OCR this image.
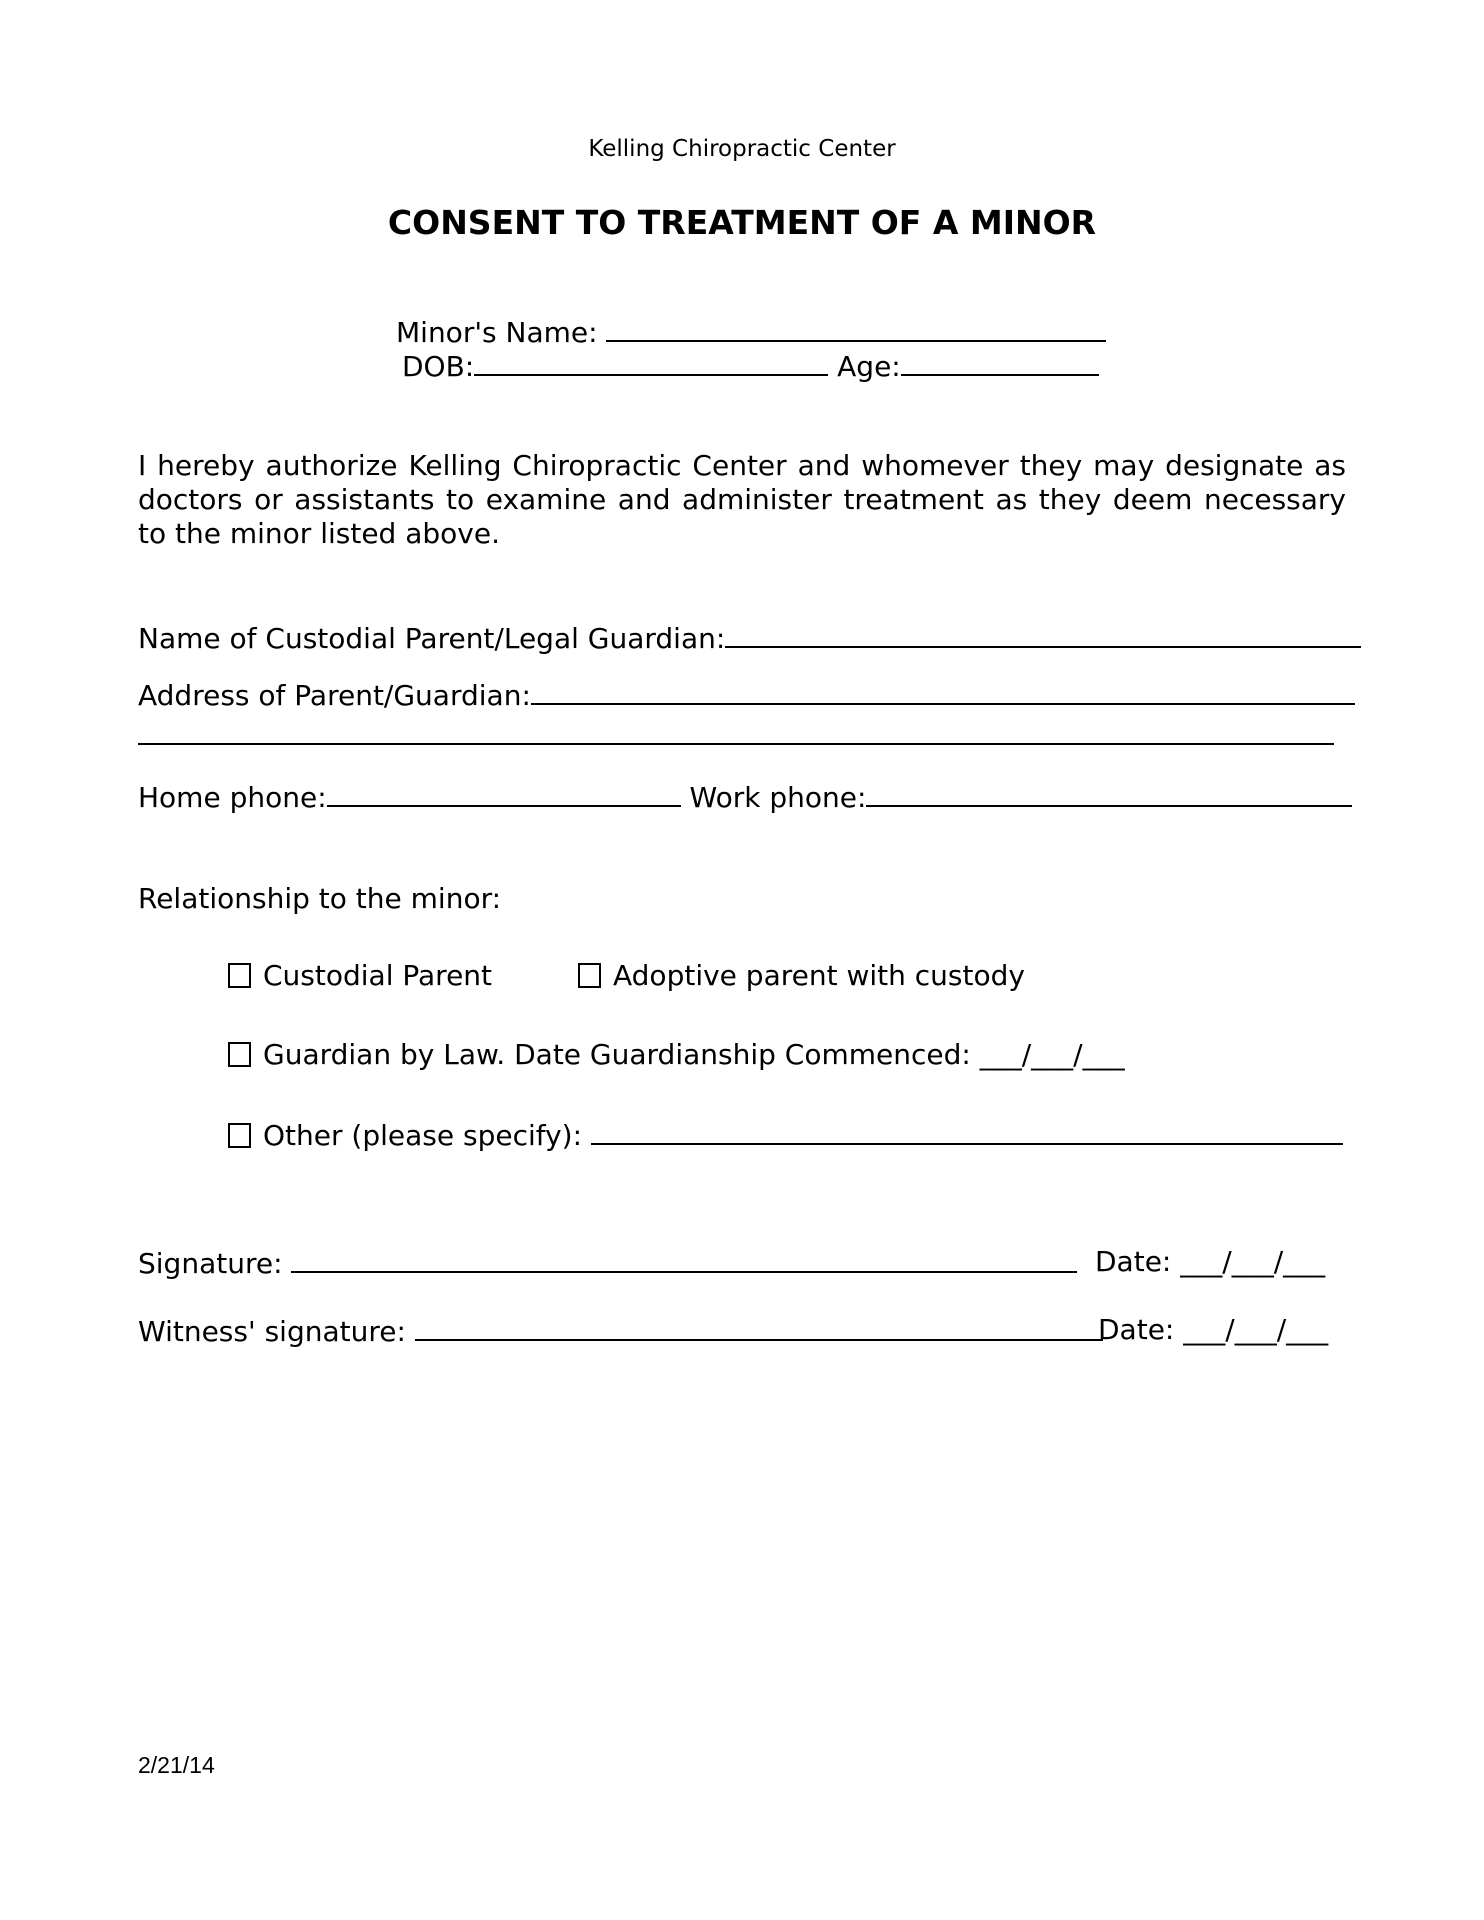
Kelling Chiropractic Center
CONSENT TO TREATMENT OF A MINOR
Minor's Name:
DOB:	Age:
I hereby authorize Kelling Chiropractic Center and whomever they may designate as doctors or assistants to examine and administer treatment as they deem necessary to the minor listed above.
Name of Custodial Parent/Legal Guardian:
Address of Parent/Guardian:
Home phone:	Work phone:
Relationship to the minor:
Custodial Parent	Adoptive parent with custody
Guardian by Law. Date Guardianship Commenced: ___/___/___
Other (please specify):
Signature:	Date: ___/___/___
Witness' signature:	Date: ___/___/___
2/21/14
